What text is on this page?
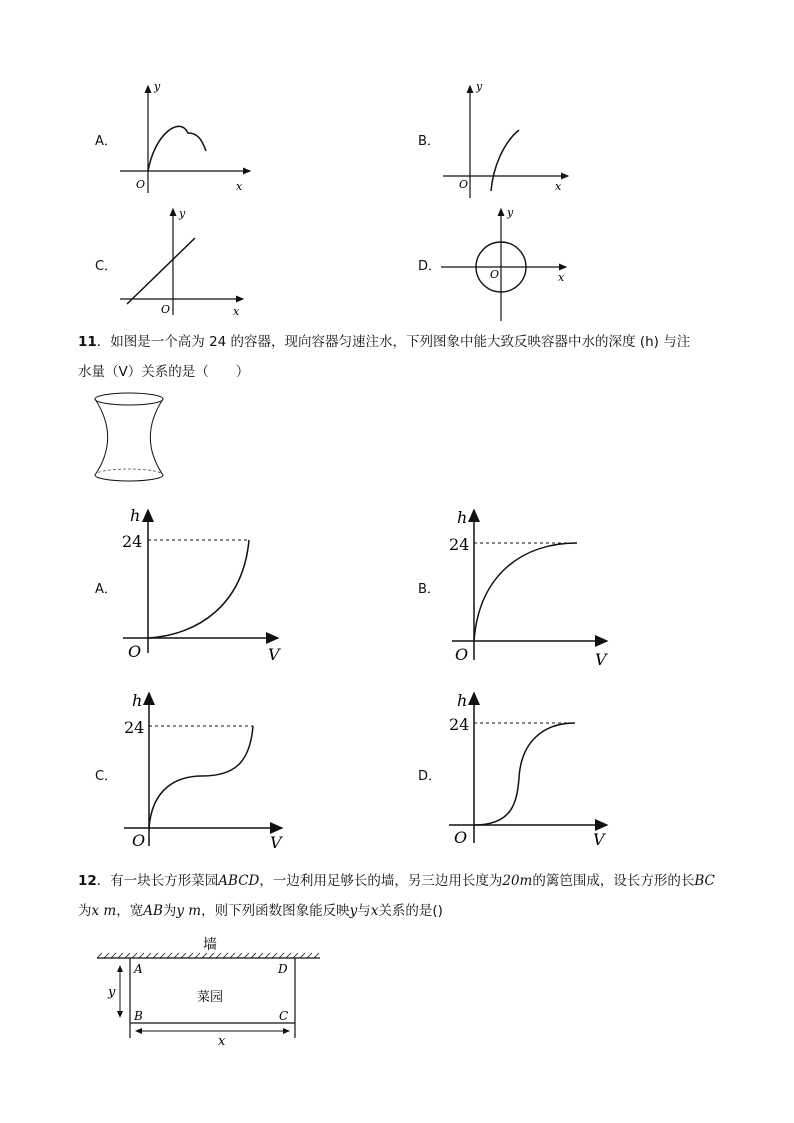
A．
y
x
O
B．
y
x
O
C．
y
x
O
D．
y
x
O
11．如图是一个高为 24 的容器，现向容器匀速注水，下列图象中能大致反映容器中水的深度 (h) 与注
水量（V）关系的是（　　）
A．
h
24
V
O
B．
h
24
V
O
C．
h
24
V
O
D．
h
24
V
O
12．有一块长方形菜园ABCD，一边利用足够长的墙，另三边用长度为20m的篱笆围成，设长方形的长BC
为x m，宽AB为y m，则下列函数图象能反映y与x关系的是()
墙
菜园
A	D
B	C
y
x
